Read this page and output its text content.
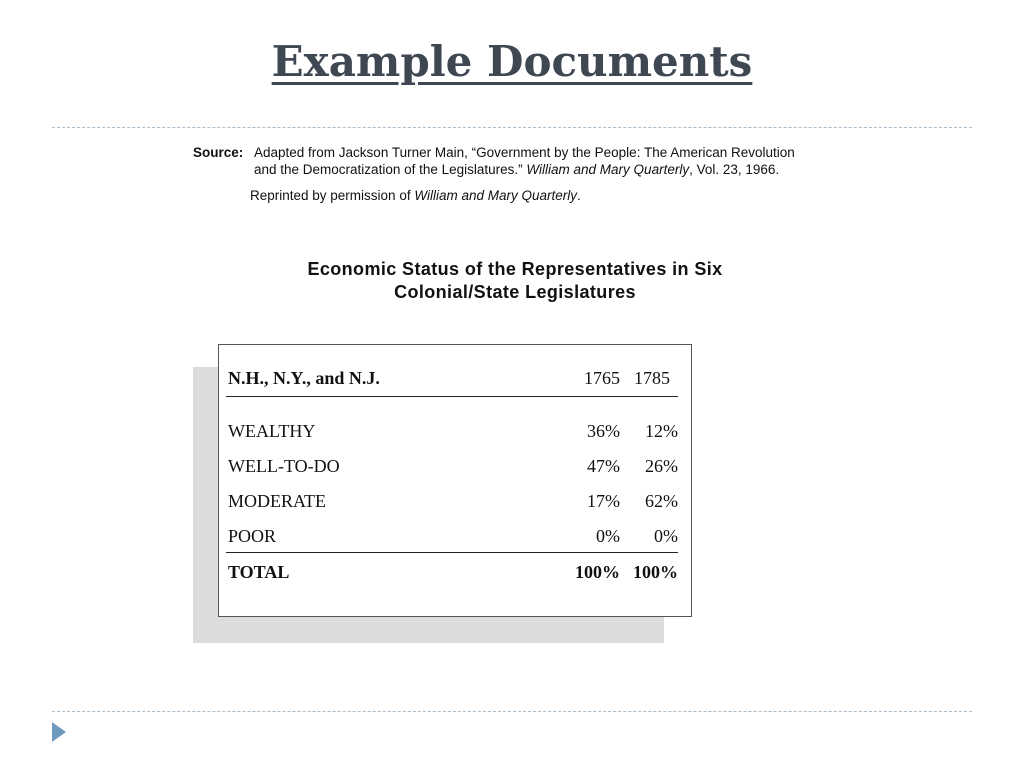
Example Documents
Source: Adapted from Jackson Turner Main, “Government by the People: The American Revolution
and the Democratization of the Legislatures.” William and Mary Quarterly, Vol. 23, 1966.
Reprinted by permission of William and Mary Quarterly.
Economic Status of the Representatives in Six
Colonial/State Legislatures
N.H., N.Y., and N.J.	1765 1785
WEALTHY	36% 12%
WELL-TO-DO	47% 26%
MODERATE	17% 62%
POOR	0% 0%
TOTAL	100% 100%
